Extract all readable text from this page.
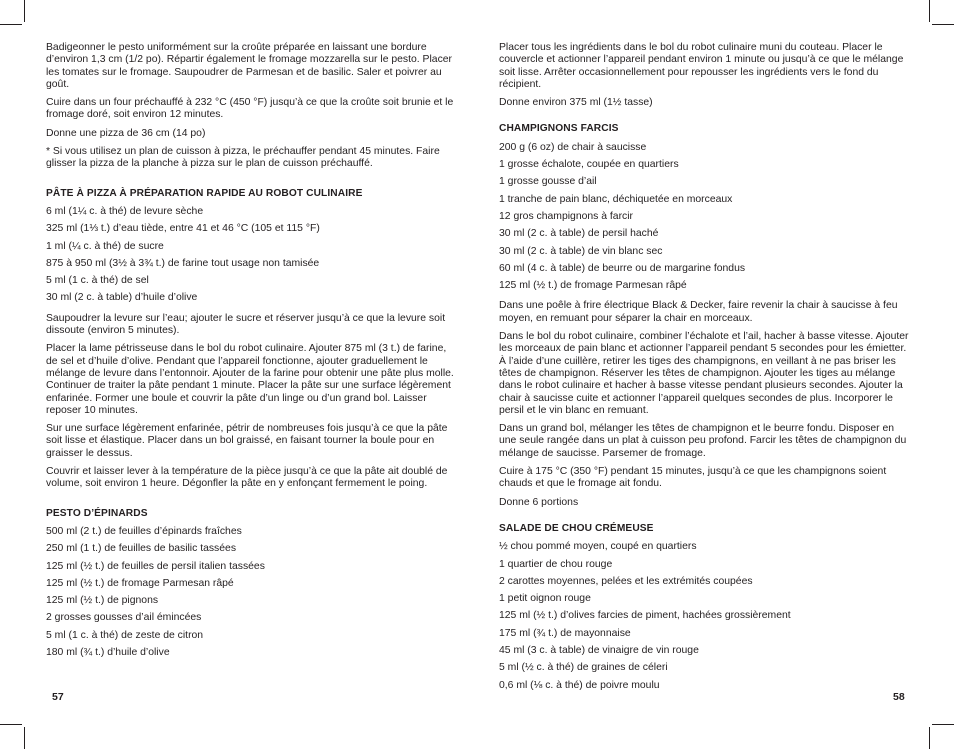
Badigeonner le pesto uniformément sur la croûte préparée en laissant une bordure d’environ 1,3 cm (1/2 po). Répartir également le fromage mozzarella sur le pesto. Placer les tomates sur le fromage. Saupoudrer de Parmesan et de basilic. Saler et poivrer au goût.

Cuire dans un four préchauffé à 232 °C (450 °F) jusqu’à ce que la croûte soit brunie et le fromage doré, soit environ 12 minutes.

Donne une pizza de 36 cm (14 po)

* Si vous utilisez un plan de cuisson à pizza, le préchauffer pendant 45 minutes. Faire glisser la pizza de la planche à pizza sur le plan de cuisson préchauffé.

PÂTE À PIZZA À PRÉPARATION RAPIDE AU ROBOT CULINAIRE
6 ml (1¼ c. à thé) de levure sèche
325 ml (1⅓ t.) d’eau tiède, entre 41 et 46 °C (105 et 115 °F)
1 ml (¼ c. à thé) de sucre
875 à 950 ml (3½ à 3¾ t.) de farine tout usage non tamisée
5 ml (1 c. à thé) de sel
30 ml (2 c. à table) d’huile d’olive

Saupoudrer la levure sur l’eau; ajouter le sucre et réserver jusqu’à ce que la levure soit dissoute (environ 5 minutes).

Placer la lame pétrisseuse dans le bol du robot culinaire. Ajouter 875 ml (3 t.) de farine, de sel et d’huile d’olive. Pendant que l’appareil fonctionne, ajouter graduellement le mélange de levure dans l’entonnoir. Ajouter de la farine pour obtenir une pâte plus molle. Continuer de traiter la pâte pendant 1 minute. Placer la pâte sur une surface légèrement enfarinée. Former une boule et couvrir la pâte d’un linge ou d’un grand bol. Laisser reposer 10 minutes.

Sur une surface légèrement enfarinée, pétrir de nombreuses fois jusqu’à ce que la pâte soit lisse et élastique. Placer dans un bol graissé, en faisant tourner la boule pour en graisser le dessus.

Couvrir et laisser lever à la température de la pièce jusqu’à ce que la pâte ait doublé de volume, soit environ 1 heure. Dégonfler la pâte en y enfonçant fermement le poing.

PESTO D’ÉPINARDS
500 ml (2 t.) de feuilles d’épinards fraîches
250 ml (1 t.) de feuilles de basilic tassées
125 ml (½ t.) de feuilles de persil italien tassées
125 ml (½ t.) de fromage Parmesan râpé
125 ml (½ t.) de pignons
2 grosses gousses d’ail émincées
5 ml (1 c. à thé) de zeste de citron
180 ml (¾ t.) d’huile d’olive
57

Placer tous les ingrédients dans le bol du robot culinaire muni du couteau. Placer le couvercle et actionner l’appareil pendant environ 1 minute ou jusqu’à ce que le mélange soit lisse. Arrêter occasionnellement pour repousser les ingrédients vers le fond du récipient.

Donne environ 375 ml (1½ tasse)

CHAMPIGNONS FARCIS
200 g (6 oz) de chair à saucisse
1 grosse échalote, coupée en quartiers
1 grosse gousse d’ail
1 tranche de pain blanc, déchiquetée en morceaux
12 gros champignons à farcir
30 ml (2 c. à table) de persil haché
30 ml (2 c. à table) de vin blanc sec
60 ml (4 c. à table) de beurre ou de margarine fondus
125 ml (½ t.) de fromage Parmesan râpé

Dans une poêle à frire électrique Black & Decker, faire revenir la chair à saucisse à feu moyen, en remuant pour séparer la chair en morceaux.

Dans le bol du robot culinaire, combiner l’échalote et l’ail, hacher à basse vitesse. Ajouter les morceaux de pain blanc et actionner l’appareil pendant 5 secondes pour les émietter. À l’aide d’une cuillère, retirer les tiges des champignons, en veillant à ne pas briser les têtes de champignon. Réserver les têtes de champignon. Ajouter les tiges au mélange dans le robot culinaire et hacher à basse vitesse pendant plusieurs secondes. Ajouter la chair à saucisse cuite et actionner l’appareil quelques secondes de plus. Incorporer le persil et le vin blanc en remuant.

Dans un grand bol, mélanger les têtes de champignon et le beurre fondu. Disposer en une seule rangée dans un plat à cuisson peu profond. Farcir les têtes de champignon du mélange de saucisse. Parsemer de fromage.

Cuire à 175 °C (350 °F) pendant 15 minutes, jusqu’à ce que les champignons soient chauds et que le fromage ait fondu.

Donne 6 portions

SALADE DE CHOU CRÉMEUSE
½ chou pommé moyen, coupé en quartiers
1 quartier de chou rouge
2 carottes moyennes, pelées et les extrémités coupées
1 petit oignon rouge
125 ml (½ t.) d’olives farcies de piment, hachées grossièrement
175 ml (¾ t.) de mayonnaise
45 ml (3 c. à table) de vinaigre de vin rouge
5 ml (½ c. à thé) de graines de céleri
0,6 ml (⅛ c. à thé) de poivre moulu
58
